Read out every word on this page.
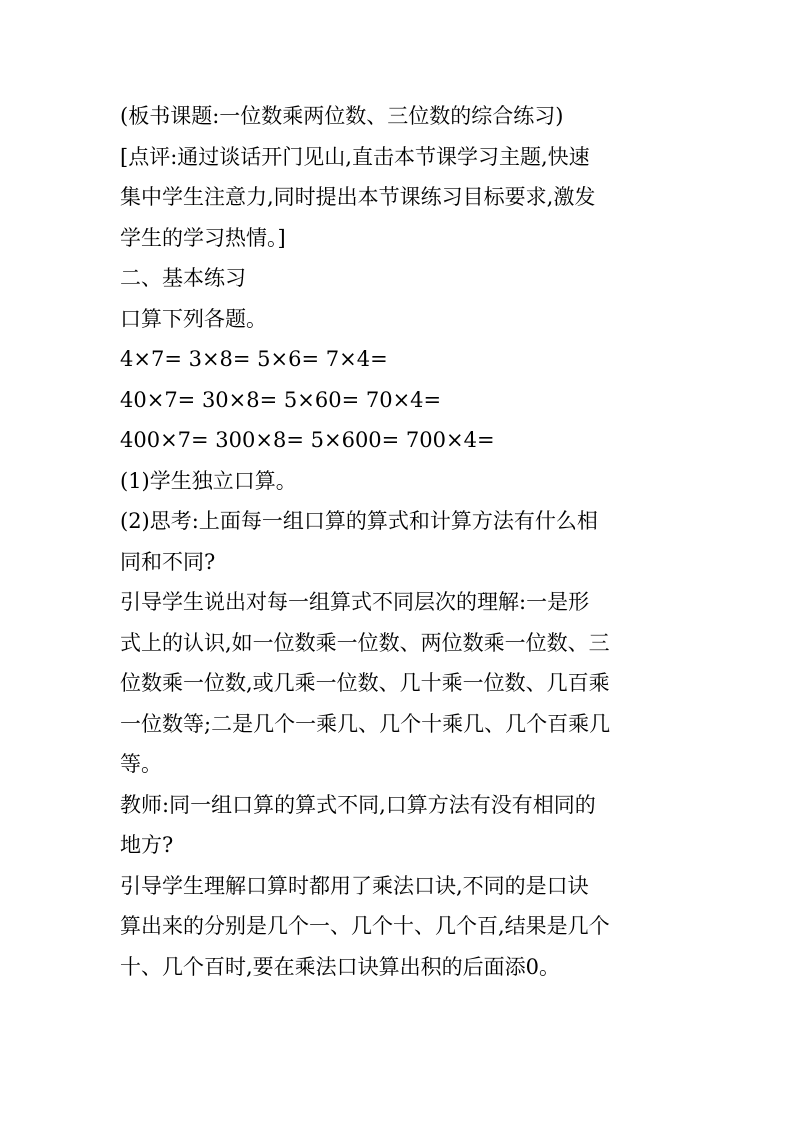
(板书课题:一位数乘两位数、三位数的综合练习)
[点评:通过谈话开门见山,直击本节课学习主题,快速
集中学生注意力,同时提出本节课练习目标要求,激发
学生的学习热情。]
二、基本练习
口算下列各题。
4×7= 3×8= 5×6= 7×4=
40×7= 30×8= 5×60= 70×4=
400×7= 300×8= 5×600= 700×4=
(1)学生独立口算。
(2)思考:上面每一组口算的算式和计算方法有什么相
同和不同?
引导学生说出对每一组算式不同层次的理解:一是形
式上的认识,如一位数乘一位数、两位数乘一位数、三
位数乘一位数,或几乘一位数、几十乘一位数、几百乘
一位数等;二是几个一乘几、几个十乘几、几个百乘几
等。
教师:同一组口算的算式不同,口算方法有没有相同的
地方?
引导学生理解口算时都用了乘法口诀,不同的是口诀
算出来的分别是几个一、几个十、几个百,结果是几个
十、几个百时,要在乘法口诀算出积的后面添0。
